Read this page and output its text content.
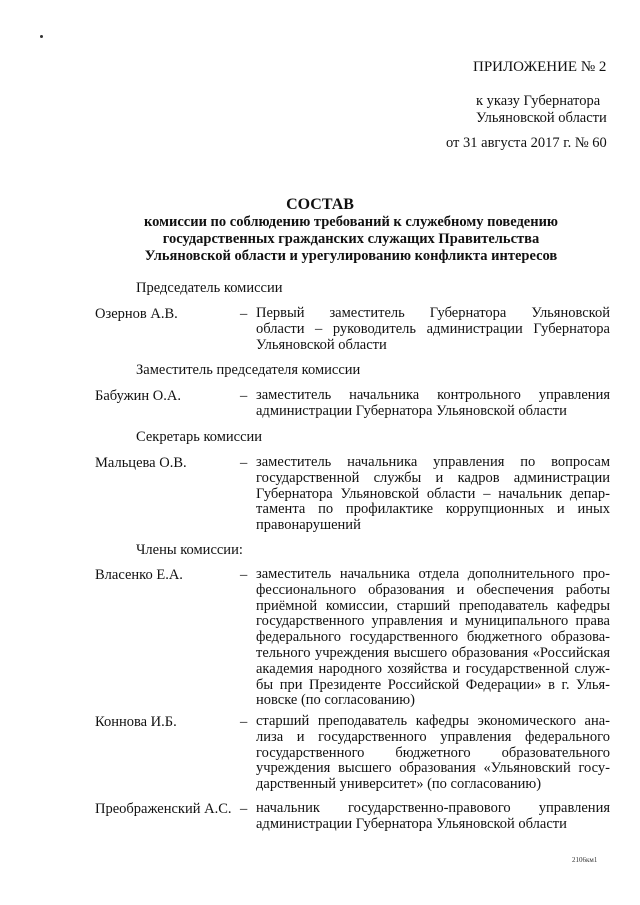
ПРИЛОЖЕНИЕ № 2
к указу Губернатора
Ульяновской области
от 31 августа 2017 г. № 60
СОСТАВ
комиссии по соблюдению требований к служебному поведению
государственных гражданских служащих Правительства
Ульяновской области и урегулированию конфликта интересов
Председатель комиссии
Озернов А.В.	– Первый заместитель Губернатора Ульяновской
области – руководитель администрации Губернатора
Ульяновской области
Заместитель председателя комиссии
Бабужин О.А.	– заместитель начальника контрольного управления
администрации Губернатора Ульяновской области
Секретарь комиссии
Мальцева О.В.	– заместитель начальника управления по вопросам
государственной службы и кадров администрации
Губернатора Ульяновской области – начальник депар-
тамента по профилактике коррупционных и иных
правонарушений
Члены комиссии:
Власенко Е.А.	– заместитель начальника отдела дополнительного про-
фессионального образования и обеспечения работы
приёмной комиссии, старший преподаватель кафедры
государственного управления и муниципального права
федерального государственного бюджетного образова-
тельного учреждения высшего образования «Российская
академия народного хозяйства и государственной служ-
бы при Президенте Российской Федерации» в г. Улья-
новске (по согласованию)
Коннова И.Б.	– старший преподаватель кафедры экономического ана-
лиза и государственного управления федерального
государственного бюджетного образовательного
учреждения высшего образования «Ульяновский госу-
дарственный университет» (по согласованию)
Преображенский А.С. – начальник государственно-правового управления
администрации Губернатора Ульяновской области
2106км1
